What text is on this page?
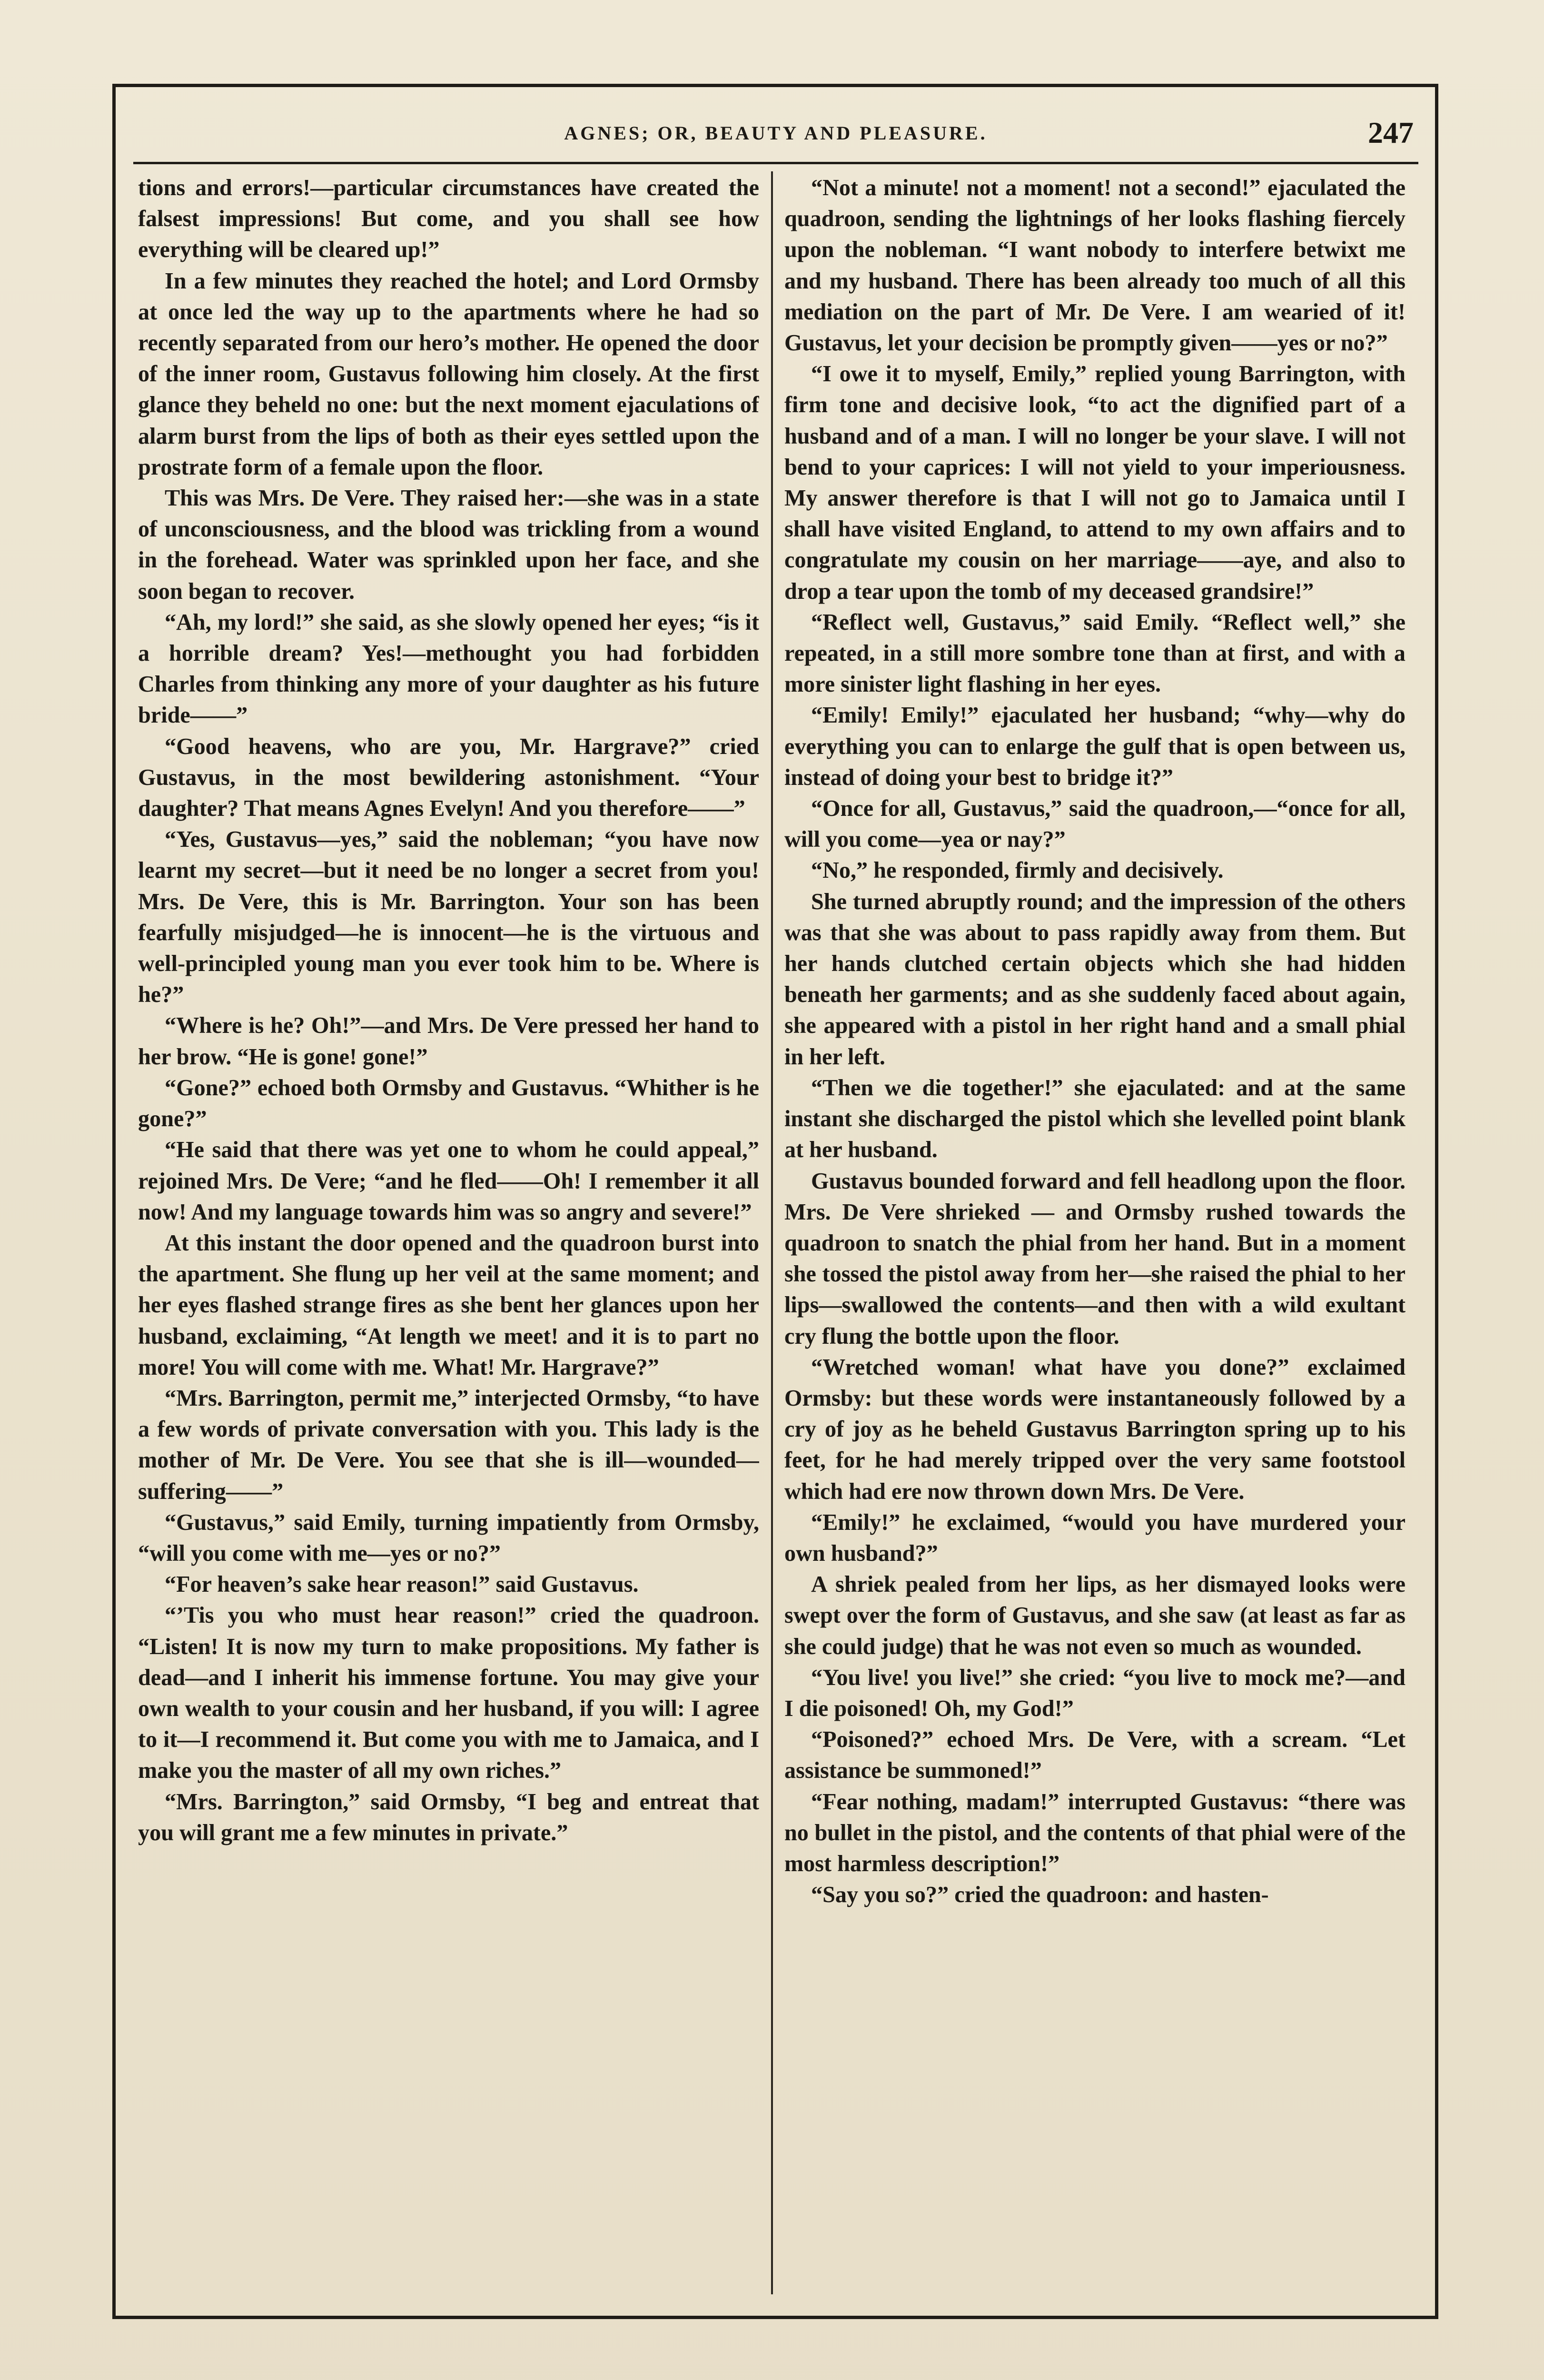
AGNES; OR, BEAUTY AND PLEASURE.	247

tions and errors!—particular circumstances have created the falsest impressions! But come, and you shall see how everything will be cleared up!”

In a few minutes they reached the hotel; and Lord Ormsby at once led the way up to the apartments where he had so recently separated from our hero’s mother. He opened the door of the inner room, Gustavus following him closely. At the first glance they beheld no one: but the next moment ejaculations of alarm burst from the lips of both as their eyes settled upon the prostrate form of a female upon the floor.

This was Mrs. De Vere. They raised her:—she was in a state of unconsciousness, and the blood was trickling from a wound in the forehead. Water was sprinkled upon her face, and she soon began to recover.

“Ah, my lord!” she said, as she slowly opened her eyes; “is it a horrible dream? Yes!—methought you had forbidden Charles from thinking any more of your daughter as his future bride——”

“Good heavens, who are you, Mr. Hargrave?” cried Gustavus, in the most bewildering astonishment. “Your daughter? That means Agnes Evelyn! And you therefore——”

“Yes, Gustavus—yes,” said the nobleman; “you have now learnt my secret—but it need be no longer a secret from you! Mrs. De Vere, this is Mr. Barrington. Your son has been fearfully misjudged—he is innocent—he is the virtuous and well-principled young man you ever took him to be. Where is he?”

“Where is he? Oh!”—and Mrs. De Vere pressed her hand to her brow. “He is gone! gone!”

“Gone?” echoed both Ormsby and Gustavus. “Whither is he gone?”

“He said that there was yet one to whom he could appeal,” rejoined Mrs. De Vere; “and he fled——Oh! I remember it all now! And my language towards him was so angry and severe!”

At this instant the door opened and the quadroon burst into the apartment. She flung up her veil at the same moment; and her eyes flashed strange fires as she bent her glances upon her husband, exclaiming, “At length we meet! and it is to part no more! You will come with me. What! Mr. Hargrave?”

“Mrs. Barrington, permit me,” interjected Ormsby, “to have a few words of private conversation with you. This lady is the mother of Mr. De Vere. You see that she is ill—wounded—suffering——”

“Gustavus,” said Emily, turning impatiently from Ormsby, “will you come with me—yes or no?”

“For heaven’s sake hear reason!” said Gustavus.

“’Tis you who must hear reason!” cried the quadroon. “Listen! It is now my turn to make propositions. My father is dead—and I inherit his immense fortune. You may give your own wealth to your cousin and her husband, if you will: I agree to it—I recommend it. But come you with me to Jamaica, and I make you the master of all my own riches.”

“Mrs. Barrington,” said Ormsby, “I beg and entreat that you will grant me a few minutes in private.”

“Not a minute! not a moment! not a second!” ejaculated the quadroon, sending the lightnings of her looks flashing fiercely upon the nobleman. “I want nobody to interfere betwixt me and my husband. There has been already too much of all this mediation on the part of Mr. De Vere. I am wearied of it! Gustavus, let your decision be promptly given——yes or no?”

“I owe it to myself, Emily,” replied young Barrington, with firm tone and decisive look, “to act the dignified part of a husband and of a man. I will no longer be your slave. I will not bend to your caprices: I will not yield to your imperiousness. My answer therefore is that I will not go to Jamaica until I shall have visited England, to attend to my own affairs and to congratulate my cousin on her marriage——aye, and also to drop a tear upon the tomb of my deceased grandsire!”

“Reflect well, Gustavus,” said Emily. “Reflect well,” she repeated, in a still more sombre tone than at first, and with a more sinister light flashing in her eyes.

“Emily! Emily!” ejaculated her husband; “why—why do everything you can to enlarge the gulf that is open between us, instead of doing your best to bridge it?”

“Once for all, Gustavus,” said the quadroon,—“once for all, will you come—yea or nay?”

“No,” he responded, firmly and decisively.

She turned abruptly round; and the impression of the others was that she was about to pass rapidly away from them. But her hands clutched certain objects which she had hidden beneath her garments; and as she suddenly faced about again, she appeared with a pistol in her right hand and a small phial in her left.

“Then we die together!” she ejaculated: and at the same instant she discharged the pistol which she levelled point blank at her husband.

Gustavus bounded forward and fell headlong upon the floor. Mrs. De Vere shrieked — and Ormsby rushed towards the quadroon to snatch the phial from her hand. But in a moment she tossed the pistol away from her—she raised the phial to her lips—swallowed the contents—and then with a wild exultant cry flung the bottle upon the floor.

“Wretched woman! what have you done?” exclaimed Ormsby: but these words were instantaneously followed by a cry of joy as he beheld Gustavus Barrington spring up to his feet, for he had merely tripped over the very same footstool which had ere now thrown down Mrs. De Vere.

“Emily!” he exclaimed, “would you have murdered your own husband?”

A shriek pealed from her lips, as her dismayed looks were swept over the form of Gustavus, and she saw (at least as far as she could judge) that he was not even so much as wounded.

“You live! you live!” she cried: “you live to mock me?—and I die poisoned! Oh, my God!”

“Poisoned?” echoed Mrs. De Vere, with a scream. “Let assistance be summoned!”

“Fear nothing, madam!” interrupted Gustavus: “there was no bullet in the pistol, and the contents of that phial were of the most harmless description!”

“Say you so?” cried the quadroon: and hasten-
